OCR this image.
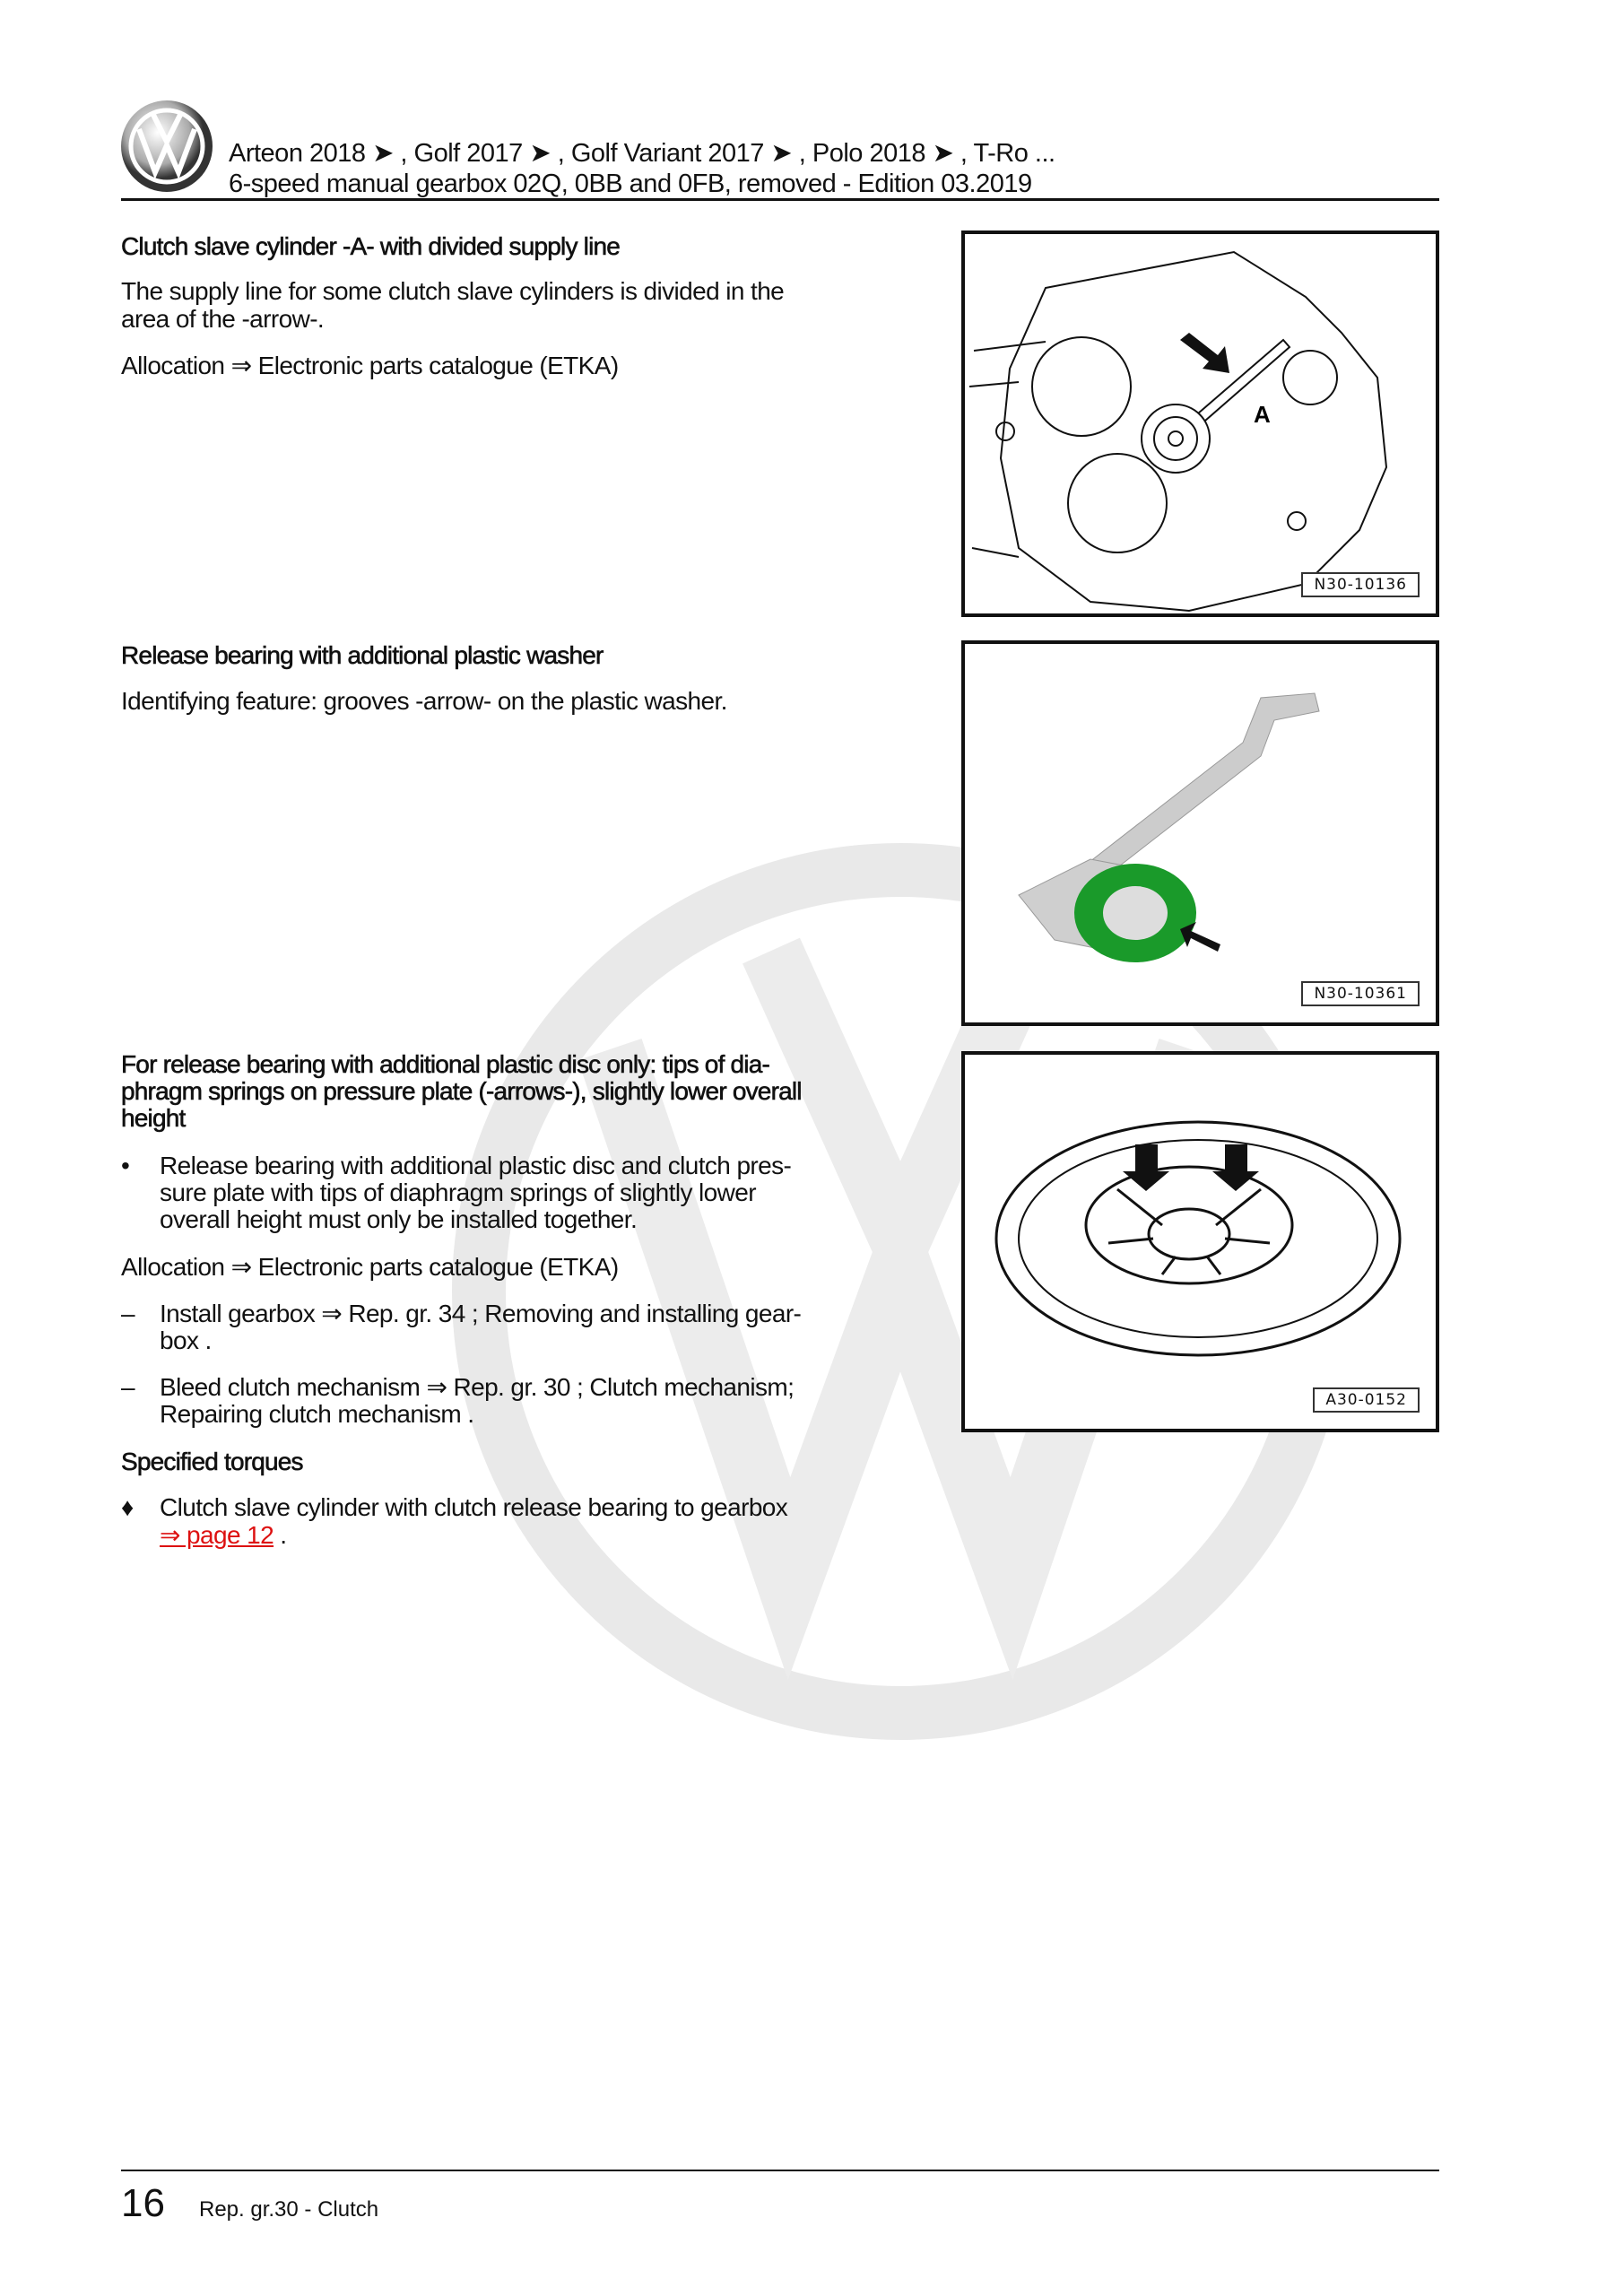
Arteon 2018 ➤ , Golf 2017 ➤ , Golf Variant 2017 ➤ , Polo 2018 ➤ , T-Ro ...
6-speed manual gearbox 02Q, 0BB and 0FB, removed - Edition 03.2019
Clutch slave cylinder -A- with divided supply line
The supply line for some clutch slave cylinders is divided in the
area of the -arrow-.
Allocation ⇒ Electronic parts catalogue (ETKA)
A
N30-10136
Release bearing with additional plastic washer
Identifying feature: grooves -arrow- on the plastic washer.
N30-10361
For release bearing with additional plastic disc only: tips of dia-
phragm springs on pressure plate (-arrows-), slightly lower overall
height
• Release bearing with additional plastic disc and clutch pres-
sure plate with tips of diaphragm springs of slightly lower
overall height must only be installed together.
Allocation ⇒ Electronic parts catalogue (ETKA)
– Install gearbox ⇒ Rep. gr. 34 ; Removing and installing gear-
box .
– Bleed clutch mechanism ⇒ Rep. gr. 30 ; Clutch mechanism;
Repairing clutch mechanism .
Specified torques
♦ Clutch slave cylinder with clutch release bearing to gearbox
⇒ page 12 .
A30-0152
16 Rep. gr.30 - Clutch
